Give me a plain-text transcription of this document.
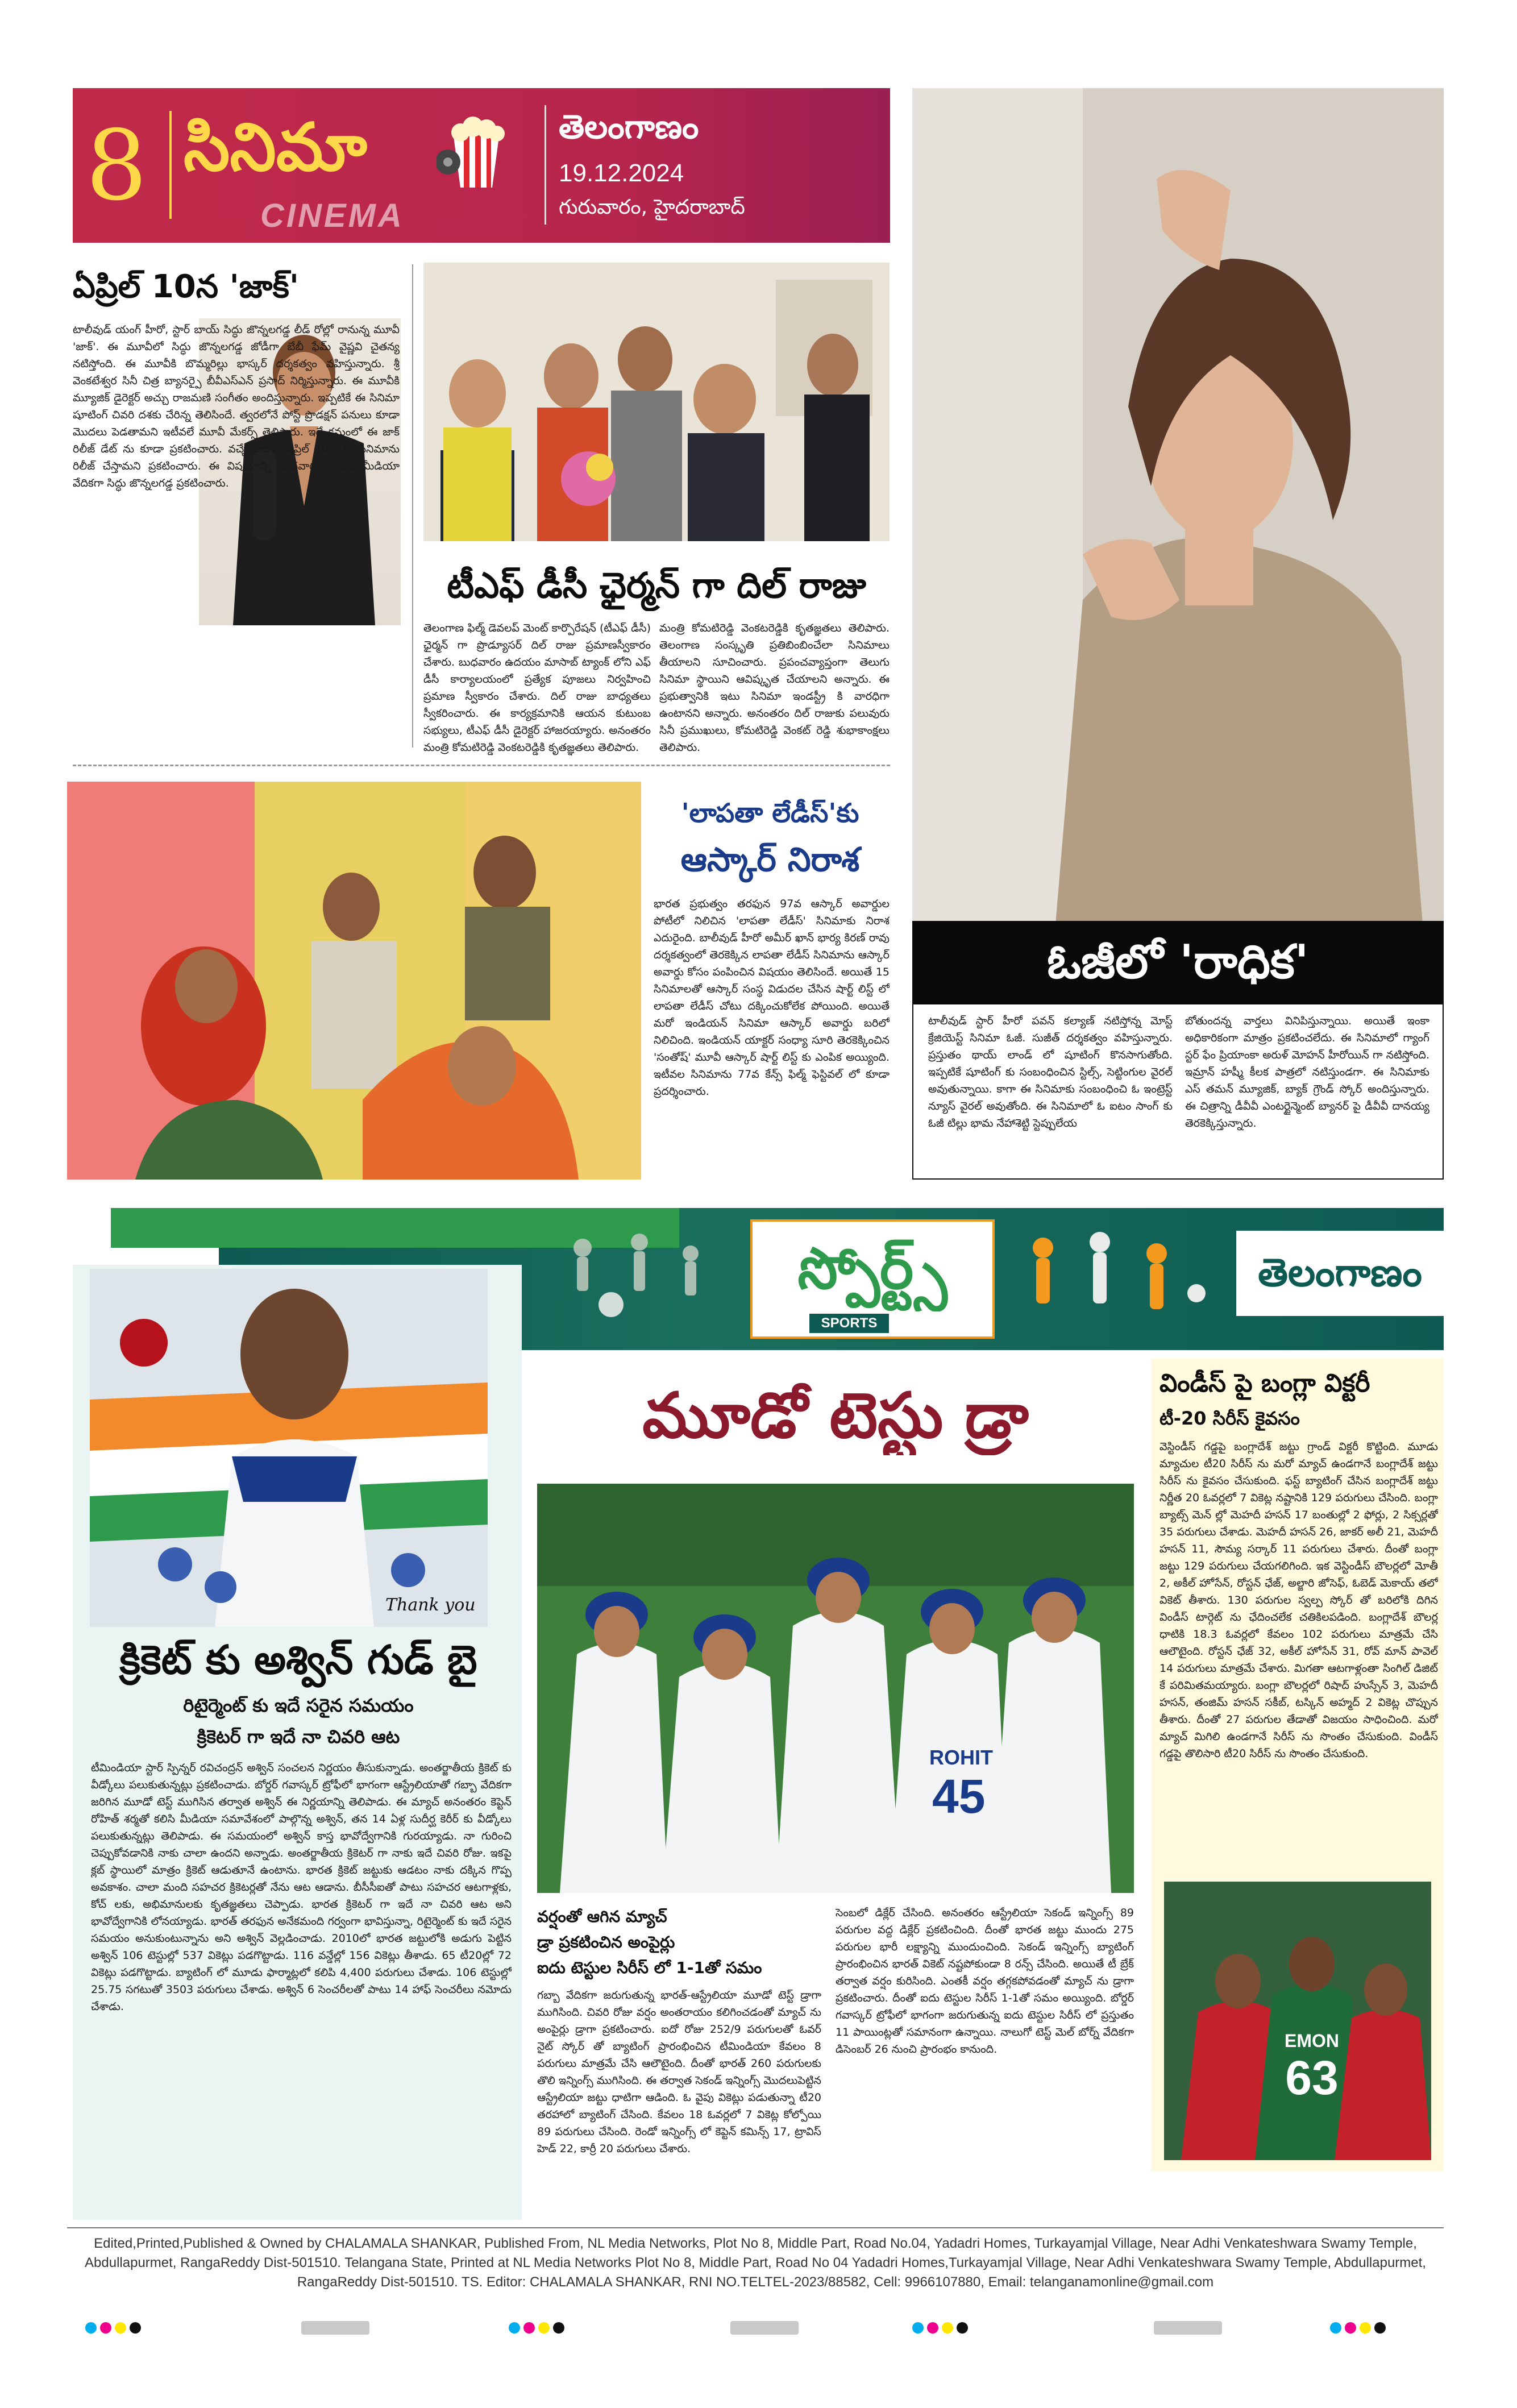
8 సినిమా
CINEMA
తెలంగాణం
19.12.2024
గురువారం, హైదరాబాద్
ఏప్రిల్ 10న 'జాక్'
టాలీవుడ్ యంగ్ హీరో, స్టార్ బాయ్ సిద్ధు జొన్నలగడ్డ లీడ్ రోల్లో రానున్న మూవీ 'జాక్'. ఈ మూవీలో సిద్ధు జొన్నలగడ్డ జోడీగా బేబీ ఫేమ్ వైష్ణవి చైతన్య నటిస్తోంది. ఈ మూవీకి బొమ్మరిల్లు భాస్కర్ దర్శకత్వం వహిస్తున్నారు. శ్రీ వెంకటేశ్వర సినీ చిత్ర బ్యానర్పై బీవీఎస్ఎన్ ప్రసాద్ నిర్మిస్తున్నారు. ఈ మూవీకి మ్యూజిక్ డైరెక్టర్ అచ్చు రాజమణి సంగీతం అందిస్తున్నారు. ఇప్పటికే ఈ సినిమా షూటింగ్ చివరి దశకు చేరిన్న తెలిసిందే. త్వరలోనే పోస్ట్ ప్రొడక్షన్ పనులు కూడా మొదలు పెడతామని ఇటీవలే మూవీ మేకర్స్ తెలిపారు. ఇదే క్రమంలో ఈ జాక్ రిలీజ్ డేట్ ను కూడా ప్రకటించారు. వచ్చే ఏడాది ఏప్రిల్ 10న ఈ సినిమాను రిలీజ్ చేస్తామని ప్రకటించారు. ఈ విషయాన్ని బుధవారం సోషల్ మీడియా వేదికగా సిద్ధు జొన్నలగడ్డ ప్రకటించారు.
టీఎఫ్ డీసీ ఛైర్మన్ గా దిల్ రాజు
తెలంగాణ ఫిల్మ్ డెవలప్ మెంట్ కార్పొరేషన్ (టీఎఫ్ డీసీ) ఛైర్మన్ గా ప్రొడ్యూసర్ దిల్ రాజు ప్రమాణస్వీకారం చేశారు. బుధవారం ఉదయం మాసాబ్ ట్యాంక్ లోని ఎఫ్ డీసీ కార్యాలయంలో ప్రత్యేక పూజలు నిర్వహించి ప్రమాణ స్వీకారం చేశారు. దిల్ రాజు బాధ్యతలు స్వీకరించారు. ఈ కార్యక్రమానికి ఆయన కుటుంబ సభ్యులు, టీఎఫ్ డీసీ డైరెక్టర్ హాజరయ్యారు. అనంతరం మంత్రి కోమటిరెడ్డి వెంకటరెడ్డికి కృతజ్ఞతలు తెలిపారు.
మంత్రి కోమటిరెడ్డి వెంకటరెడ్డికి కృతజ్ఞతలు తెలిపారు. తెలంగాణ సంస్కృతి ప్రతిబింబించేలా సినిమాలు తీయాలని సూచించారు. ప్రపంచవ్యాప్తంగా తెలుగు సినిమా స్థాయిని ఆవిష్కృత చేయాలని అన్నారు. ఈ ప్రభుత్వానికి ఇటు సినిమా ఇండస్ట్రీ కి వారధిగా ఉంటానని అన్నారు. అనంతరం దిల్ రాజుకు పలువురు సినీ ప్రముఖులు, కోమటిరెడ్డి వెంకట్ రెడ్డి శుభాకాంక్షలు తెలిపారు.
ఓజీలో 'రాధిక'
టాలీవుడ్ స్టార్ హీరో పవన్ కల్యాణ్ నటిస్తోన్న మోస్ట్ క్రేజియెస్ట్ సినిమా ఓజీ. సుజీత్ దర్శకత్వం వహిస్తున్నారు. ప్రస్తుతం థాయ్ లాండ్ లో షూటింగ్ కొనసాగుతోంది. ఇప్పటికే షూటింగ్ కు సంబంధించిన స్టిల్స్, సెట్టింగుల వైరల్ అవుతున్నాయి. కాగా ఈ సినిమాకు సంబంధించి ఓ ఇంట్రెస్ట్ న్యూస్ వైరల్ అవుతోంది. ఈ సినిమాలో ఓ ఐటం సాంగ్ కు ఓజీ టిల్లు భామ నేహాశెట్టి స్టెప్పులేయ
బోతుందన్న వార్తలు వినిపిస్తున్నాయి. అయితే ఇంకా అధికారికంగా మాత్రం ప్రకటించలేదు. ఈ సినిమాలో గ్యాంగ్ స్టర్ ఫేం ప్రియాంకా అరుళ్ మోహన్ హీరోయిన్ గా నటిస్తోంది. ఇమ్రాన్ హష్మీ కీలక పాత్రలో నటిస్తుండగా. ఈ సినిమాకు ఎస్ తమన్ మ్యూజిక్, బ్యాక్ గ్రౌండ్ స్కోర్ అందిస్తున్నారు. ఈ చిత్రాన్ని డీవీవీ ఎంటర్టైన్మెంట్ బ్యానర్ పై డీవీవీ దానయ్య తెరకెక్కిస్తున్నారు.
'లాపతా లేడీస్'కు
ఆస్కార్ నిరాశ
భారత ప్రభుత్వం తరఫున 97వ ఆస్కార్ అవార్డుల పోటీలో నిలిచిన 'లాపతా లేడీస్' సినిమాకు నిరాశ ఎదురైంది. బాలీవుడ్ హీరో అమీర్ ఖాన్ భార్య కిరణ్ రావు దర్శకత్వంలో తెరకెక్కిన లాపతా లేడీస్ సినిమాను ఆస్కార్ అవార్డు కోసం పంపించిన విషయం తెలిసిందే. అయితే 15 సినిమాలతో ఆస్కార్ సంస్థ విడుదల చేసిన షార్ట్ లిస్ట్ లో లాపతా లేడీస్ చోటు దక్కించుకోలేక పోయింది. అయితే మరో ఇండియన్ సినిమా ఆస్కార్ అవార్డు బరిలో నిలిచింది. ఇండియన్ యాక్టర్ సంధ్యా సూరి తెరకెక్కించిన 'సంతోష్' మూవీ ఆస్కార్ షార్ట్ లిస్ట్ కు ఎంపిక అయ్యింది. ఇటీవల సినిమాను 77వ కేన్స్ ఫిల్మ్ ఫెస్టివల్ లో కూడా ప్రదర్శించారు.
స్పోర్ట్స్
SPORTS
తెలంగాణం
Thank you
క్రికెట్ కు అశ్విన్ గుడ్ బై
రిటైర్మెంట్ కు ఇదే సరైన సమయం
క్రికెటర్ గా ఇదే నా చివరి ఆట
టీమిండియా స్టార్ స్పిన్నర్ రవిచంద్రన్ అశ్విన్ సంచలన నిర్ణయం తీసుకున్నాడు. అంతర్జాతీయ క్రికెట్ కు వీడ్కోలు పలుకుతున్నట్లు ప్రకటించాడు. బోర్డర్ గవాస్కర్ ట్రోఫీలో భాగంగా ఆస్ట్రేలియాతో గబ్బా వేదికగా జరిగిన మూడో టెస్ట్ ముగిసిన తర్వాత అశ్విన్ ఈ నిర్ణయాన్ని తెలిపాడు. ఈ మ్యాచ్ అనంతరం కెప్టెన్ రోహిత్ శర్మతో కలిసి మీడియా సమావేశంలో పాల్గొన్న అశ్విన్, తన 14 ఏళ్ల సుదీర్ఘ కెరీర్ కు వీడ్కోలు పలుకుతున్నట్లు తెలిపాడు. ఈ సమయంలో అశ్విన్ కాస్త భావోద్వేగానికి గురయ్యాడు. నా గురించి చెప్పుకోవడానికి నాకు చాలా ఉందని అన్నాడు. అంతర్జాతీయ క్రికెటర్ గా నాకు ఇదే చివరి రోజు. ఇకపై క్లబ్ స్థాయిలో మాత్రం క్రికెట్ ఆడుతూనే ఉంటాను. భారత క్రికెట్ జట్టుకు ఆడటం నాకు దక్కిన గొప్ప అవకాశం. చాలా మంది సహచర క్రికెటర్లతో నేను ఆట ఆడాను. బీసీసీఐతో పాటు సహచర ఆటగాళ్లకు, కోచ్ లకు, అభిమానులకు కృతజ్ఞతలు చెప్పాడు. భారత క్రికెటర్ గా ఇదే నా చివరి ఆట అని భావోద్వేగానికి లోనయ్యాడు. భారత్ తరఫున అనేకమంది గర్వంగా భావిస్తున్నా, రిటైర్మెంట్ కు ఇదే సరైన సమయం అనుకుంటున్నాను అని అశ్విన్ వెల్లడించాడు. 2010లో భారత జట్టులోకి అడుగు పెట్టిన అశ్విన్ 106 టెస్టుల్లో 537 వికెట్లు పడగొట్టాడు. 116 వన్డేల్లో 156 వికెట్లు తీశాడు. 65 టీ20ల్లో 72 వికెట్లు పడగొట్టాడు. బ్యాటింగ్ లో మూడు ఫార్మాట్లలో కలిపి 4,400 పరుగులు చేశాడు. 106 టెస్టుల్లో 25.75 సగటుతో 3503 పరుగులు చేశాడు. అశ్విన్ 6 సెంచరీలతో పాటు 14 హాఫ్ సెంచరీలు నమోదు చేశాడు.
మూడో టెస్టు డ్రా
ROHIT
45
వర్షంతో ఆగిన మ్యాచ్
డ్రా ప్రకటించిన అంపైర్లు
ఐదు టెస్టుల సిరీస్ లో 1-1తో సమం
గబ్బా వేదికగా జరుగుతున్న భారత్-ఆస్ట్రేలియా మూడో టెస్ట్ డ్రాగా ముగిసింది. చివరి రోజు వర్షం అంతరాయం కలిగించడంతో మ్యాచ్ ను అంపైర్లు డ్రాగా ప్రకటించారు. ఐదో రోజు 252/9 పరుగులతో ఓవర్ నైట్ స్కోర్ తో బ్యాటింగ్ ప్రారంభించిన టీమిండియా కేవలం 8 పరుగులు మాత్రమే చేసి ఆలౌటైంది. దీంతో భారత్ 260 పరుగులకు తొలి ఇన్నింగ్స్ ముగిసింది. ఈ తర్వాత సెకండ్ ఇన్నింగ్స్ మొదలుపెట్టిన ఆస్ట్రేలియా జట్టు ధాటిగా ఆడింది. ఓ వైపు వికెట్లు పడుతున్నా టీ20 తరహాలో బ్యాటింగ్ చేసింది. కేవలం 18 ఓవర్లలో 7 వికెట్ల కోల్పోయి 89 పరుగులు చేసింది. రెండో ఇన్నింగ్స్ లో కెప్టెన్ కమిన్స్ 17, ట్రావిస్ హెడ్ 22, కార్రీ 20 పరుగులు చేశారు.
సెంబలో డిక్లేర్ చేసింది. అనంతరం ఆస్ట్రేలియా సెకండ్ ఇన్నింగ్స్ 89 పరుగుల వద్ద డిక్లేర్ ప్రకటించింది. దీంతో భారత జట్టు ముందు 275 పరుగుల భారీ లక్ష్యాన్ని ముందుంచింది. సెకండ్ ఇన్నింగ్స్ బ్యాటింగ్ ప్రారంభించిన భారత్ వికెట్ నష్టపోకుండా 8 రన్స్ చేసింది. అయితే టీ బ్రేక్ తర్వాత వర్షం కురిసింది. ఎంతకీ వర్షం తగ్గకపోవడంతో మ్యాచ్ ను డ్రాగా ప్రకటించారు. దీంతో ఐదు టెస్టుల సిరీస్ 1-1తో సమం అయ్యింది. బోర్డర్ గవాస్కర్ ట్రోఫీలో భాగంగా జరుగుతున్న ఐదు టెస్టుల సిరీస్ లో ప్రస్తుతం 11 పాయింట్లతో సమానంగా ఉన్నాయి. నాలుగో టెస్ట్ మెల్ బోర్న్ వేదికగా డిసెంబర్ 26 నుంచి ప్రారంభం కానుంది.
విండీస్ పై బంగ్లా విక్టరీ
టీ-20 సిరీస్ కైవసం
వెస్టిండీస్ గడ్డపై బంగ్లాదేశ్ జట్టు గ్రాండ్ విక్టరీ కొట్టింది. మూడు మ్యాచుల టీ20 సిరీస్ ను మరో మ్యాచ్ ఉండగానే బంగ్లాదేశ్ జట్టు సిరీస్ ను కైవసం చేసుకుంది. ఫస్ట్ బ్యాటింగ్ చేసిన బంగ్లాదేశ్ జట్టు నిర్ణీత 20 ఓవర్లలో 7 వికెట్ల నష్టానికి 129 పరుగులు చేసింది. బంగ్లా బ్యాట్స్ మెన్ ల్లో మెహదీ హసన్ 17 బంతుల్లో 2 ఫోర్లు, 2 సిక్సర్లతో 35 పరుగులు చేశాడు. మెహదీ హసన్ 26, జాకర్ అలీ 21, మెహదీ హసన్ 11, సౌమ్య సర్కార్ 11 పరుగులు చేశారు. దీంతో బంగ్లా జట్టు 129 పరుగులు చేయగలిగింది. ఇక వెస్టిండీస్ బౌలర్లలో మోతీ 2, అకీల్ హోసేన్, రోస్టన్ ఛేజ్, అల్జారి జోసెఫ్, ఓబెడ్ మెకాయ్ తలో వికెట్ తీశారు. 130 పరుగుల స్వల్ప స్కోర్ తో బరిలోకి దిగిన విండీస్ టార్గెట్ ను ఛేదించలేక చతికిలపడింది. బంగ్లాదేశ్ బౌలర్ల ధాటికి 18.3 ఓవర్లలో కేవలం 102 పరుగులు మాత్రమే చేసి ఆలౌటైంది. రోస్టన్ ఛేజ్ 32, అకీల్ హోసేన్ 31, రోవ్ మాన్ పావెల్ 14 పరుగులు మాత్రమే చేశారు. మిగతా ఆటగాళ్లంతా సింగిల్ డిజిట్ కే పరిమితమయ్యారు. బంగ్లా బౌలర్లలో రిషాద్ హుస్సేన్ 3, మెహదీ హసన్, తంజిమ్ హసన్ సకీబ్, టస్కిన్ అహ్మద్ 2 వికెట్ల చొప్పున తీశారు. దీంతో 27 పరుగుల తేడాతో విజయం సాధించింది. మరో మ్యాచ్ మిగిలి ఉండగానే సిరీస్ ను సొంతం చేసుకుంది. విండీస్ గడ్డపై తొలిసారి టీ20 సిరీస్ ను సొంతం చేసుకుంది.
EMON
63
Edited,Printed,Published & Owned by CHALAMALA SHANKAR, Published From, NL Media Networks, Plot No 8, Middle Part, Road No.04, Yadadri Homes, Turkayamjal Village, Near Adhi Venkateshwara Swamy Temple,
Abdullapurmet, RangaReddy Dist-501510. Telangana State, Printed at NL Media Networks Plot No 8, Middle Part, Road No 04 Yadadri Homes,Turkayamjal Village, Near Adhi Venkateshwara Swamy Temple, Abdullapurmet,
RangaReddy Dist-501510. TS. Editor: CHALAMALA SHANKAR, RNI NO.TELTEL-2023/88582, Cell: 9966107880, Email: telanganamonline@gmail.com
